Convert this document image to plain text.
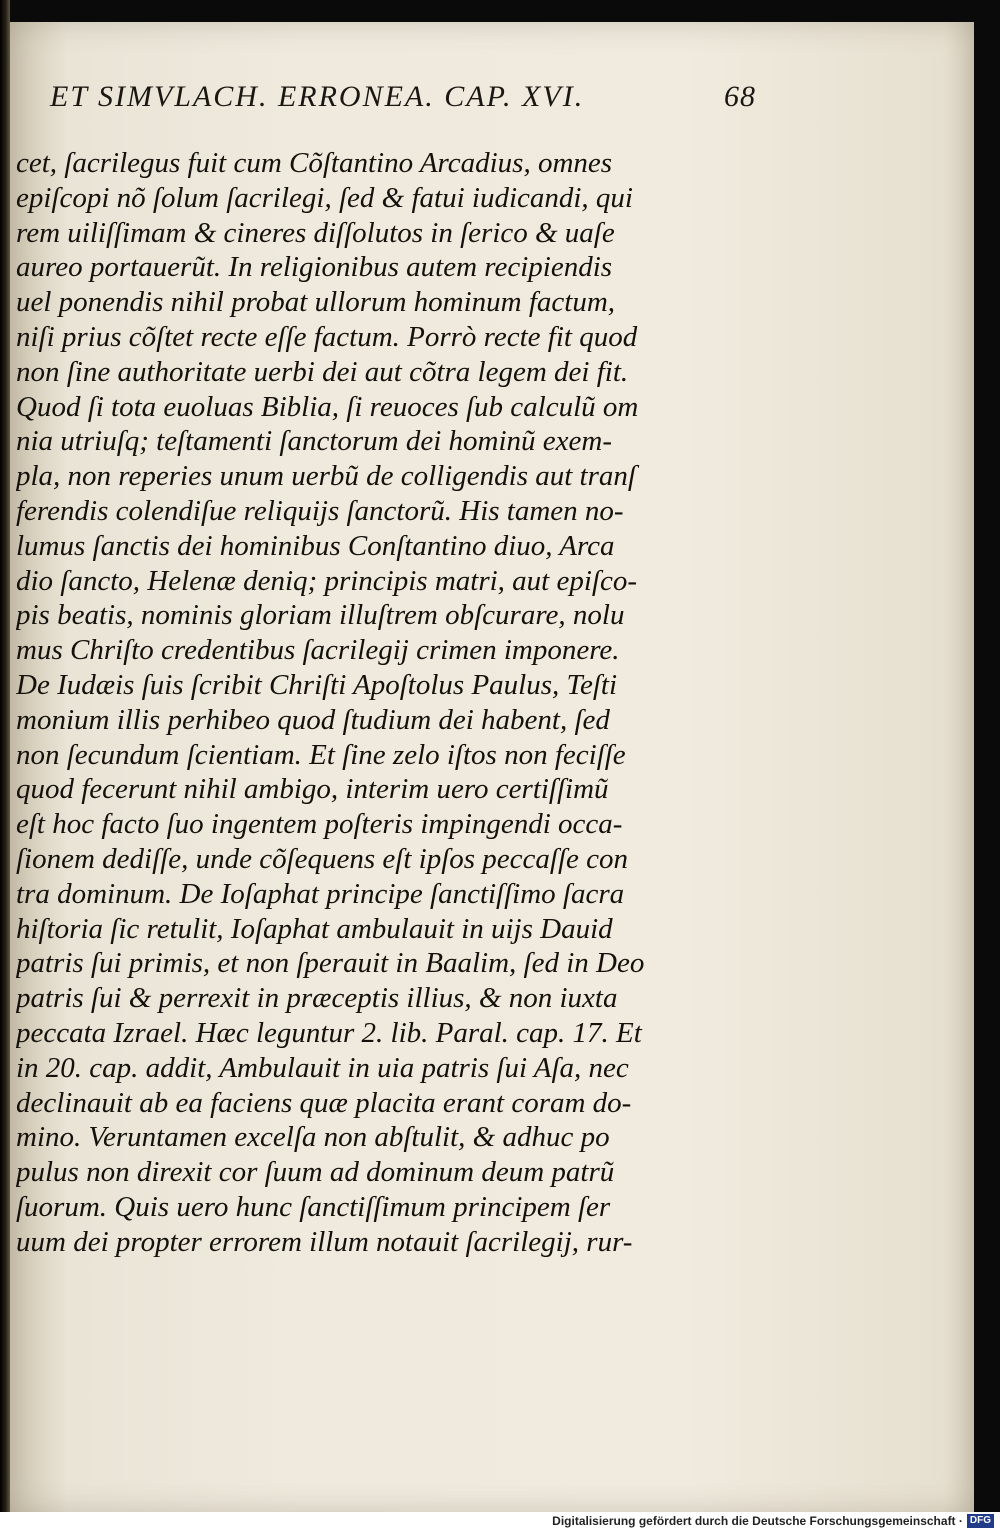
ET SIMVLACH. ERRONEA. CAP. XVI.	68
cet, ſacrilegus fuit cum Cõſtantino Arcadius, omnes
epiſcopi nõ ſolum ſacrilegi, ſed & fatui iudicandi, qui
rem uiliſſimam & cineres diſſolutos in ſerico & uaſe
aureo portauerũt. In religionibus autem recipiendis
uel ponendis nihil probat ullorum hominum factum,
niſi prius cõſtet recte eſſe factum. Porrò recte fit quod
non ſine authoritate uerbi dei aut cõtra legem dei fit.
Quod ſi tota euoluas Biblia, ſi reuoces ſub calculũ om
nia utriuſq; teſtamenti ſanctorum dei hominũ exem-
pla, non reperies unum uerbũ de colligendis aut tranſ
ferendis colendiſue reliquijs ſanctorũ. His tamen no-
lumus ſanctis dei hominibus Conſtantino diuo, Arca
dio ſancto, Helenæ deniq; principis matri, aut epiſco-
pis beatis, nominis gloriam illuſtrem obſcurare, nolu
mus Chriſto credentibus ſacrilegij crimen imponere.
De Iudæis ſuis ſcribit Chriſti Apoſtolus Paulus, Teſti
monium illis perhibeo quod ſtudium dei habent, ſed
non ſecundum ſcientiam. Et ſine zelo iſtos non feciſſe
quod fecerunt nihil ambigo, interim uero certiſſimũ
eſt hoc facto ſuo ingentem poſteris impingendi occa-
ſionem dediſſe, unde cõſequens eſt ipſos peccaſſe con
tra dominum. De Ioſaphat principe ſanctiſſimo ſacra
hiſtoria ſic retulit, Ioſaphat ambulauit in uijs Dauid
patris ſui primis, et non ſperauit in Baalim, ſed in Deo
patris ſui & perrexit in præceptis illius, & non iuxta
peccata Izrael. Hæc leguntur 2. lib. Paral. cap. 17. Et
in 20. cap. addit, Ambulauit in uia patris ſui Aſa, nec
declinauit ab ea faciens quæ placita erant coram do-
mino. Veruntamen excelſa non abſtulit, & adhuc po
pulus non direxit cor ſuum ad dominum deum patrũ
ſuorum. Quis uero hunc ſanctiſſimum principem ſer
uum dei propter errorem illum notauit ſacrilegij, rur-
Digitalisierung gefördert durch die Deutsche Forschungsgemeinschaft · DFG
